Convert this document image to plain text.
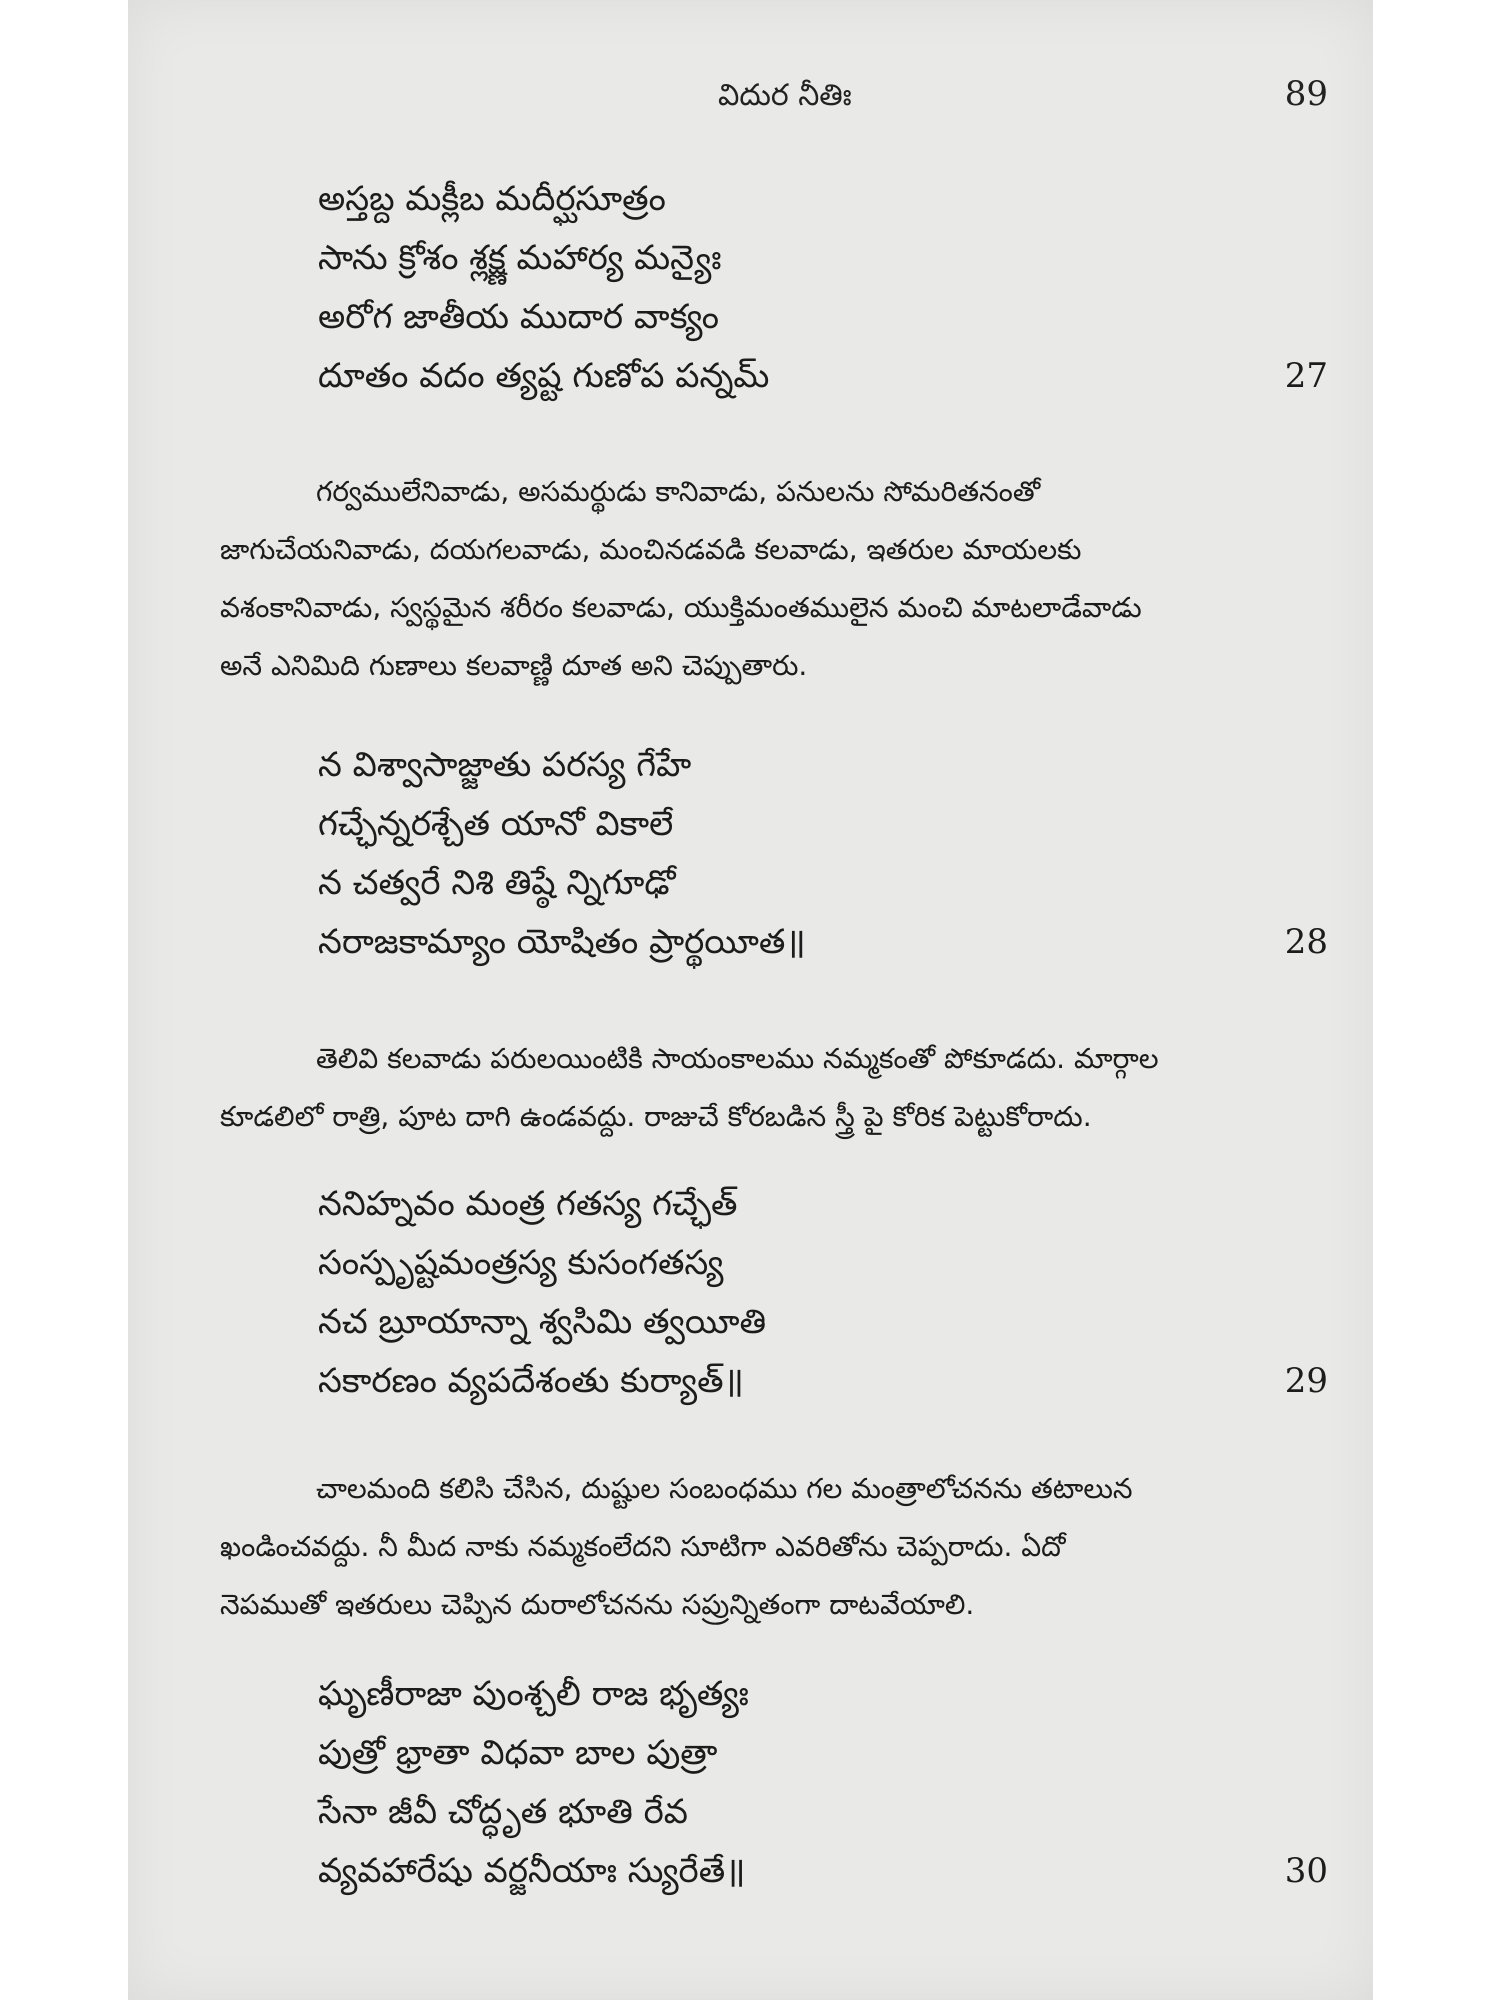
విదుర నీతిః	89
అస్తబ్ద మక్లీబ మదీర్ఘసూత్రం
సాను క్రోశం శ్లక్ష్ణ మహార్య మన్యైః
అరోగ జాతీయ ముదార వాక్యం
దూతం వదం త్యష్ట గుణోప పన్నమ్	27
గర్వములేనివాడు, అసమర్థుడు కానివాడు, పనులను సోమరితనంతో
జాగుచేయనివాడు, దయగలవాడు, మంచినడవడి కలవాడు, ఇతరుల మాయలకు
వశంకానివాడు, స్వస్థమైన శరీరం కలవాడు, యుక్తిమంతములైన మంచి మాటలాడేవాడు
అనే ఎనిమిది గుణాలు కలవాణ్ణి దూత అని చెప్పుతారు.
న విశ్వాసాజ్జాతు పరస్య గేహే
గచ్ఛేన్నరశ్చేత యానో వికాలే
న చత్వరే నిశి తిష్ఠే న్నిగూఢో
నరాజకామ్యాం యోషితం ప్రార్థయీత॥	28
తెలివి కలవాడు పరులయింటికి సాయంకాలము నమ్మకంతో పోకూడదు. మార్గాల
కూడలిలో రాత్రి, పూట దాగి ఉండవద్దు. రాజుచే కోరబడిన స్త్రీ పై కోరిక పెట్టుకోరాదు.
ననిహ్నవం మంత్ర గతస్య గచ్ఛేత్
సంస్పృష్టమంత్రస్య కుసంగతస్య
నచ బ్రూయాన్నా శ్వసిమి త్వయీతి
సకారణం వ్యపదేశంతు కుర్యాత్॥	29
చాలమంది కలిసి చేసిన, దుష్టుల సంబంధము గల మంత్రాలోచనను తటాలున
ఖండించవద్దు. నీ మీద నాకు నమ్మకంలేదని సూటిగా ఎవరితోను చెప్పరాదు. ఏదో
నెపముతో ఇతరులు చెప్పిన దురాలోచనను సప్రున్నితంగా దాటవేయాలి.
ఘృణీరాజా పుంశ్చలీ రాజ భృత్యః
పుత్రో భ్రాతా విధవా బాల పుత్రా
సేనా జీవీ చోద్ధృత భూతి రేవ
వ్యవహారేషు వర్జనీయాః స్యురేతే॥	30
